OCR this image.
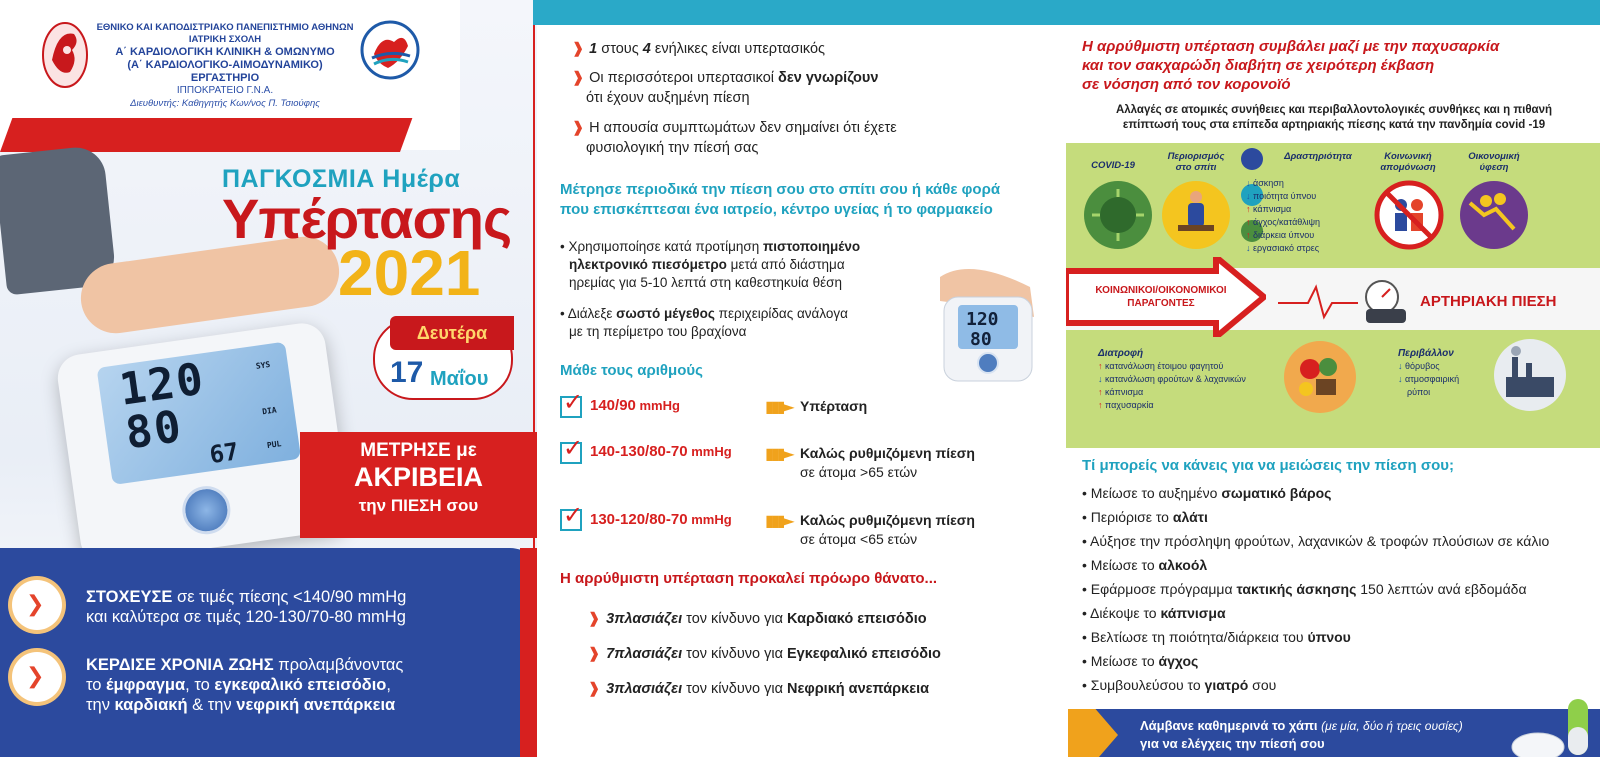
ΕΘΝΙΚΟ ΚΑΙ ΚΑΠΟΔΙΣΤΡΙΑΚΟ ΠΑΝΕΠΙΣΤΗΜΙΟ ΑΘΗΝΩΝ
ΙΑΤΡΙΚΗ ΣΧΟΛΗ
Α΄ ΚΑΡΔΙΟΛΟΓΙΚΗ ΚΛΙΝΙΚΗ & ΟΜΩΝΥΜΟ
(Α΄ ΚΑΡΔΙΟΛΟΓΙΚΟ-ΑΙΜΟΔΥΝΑΜΙΚΟ) ΕΡΓΑΣΤΗΡΙΟ
ΙΠΠΟΚΡΑΤΕΙΟ Γ.Ν.Α.
Διευθυντής: Καθηγητής Κων/νος Π. Τσιούφης
ΠΑΓΚΟΣΜΙΑ Ημέρα
Υπέρτασης
2021
Δευτέρα
17 Μαΐου
120
80 67
SYS
DIA
PUL	ΜΕΤΡΗΣΕ με
ΑΚΡΙΒΕΙΑ
την ΠΙΕΣΗ σου
❯	ΣΤΟΧΕΥΣΕ σε τιμές πίεσης <140/90 mmHg
και καλύτερα σε τιμές 120-130/70-80 mmHg
❯	ΚΕΡΔΙΣΕ ΧΡΟΝΙΑ ΖΩΗΣ προλαμβάνοντας
το έμφραγμα, το εγκεφαλικό επεισόδιο,
την καρδιακή & την νεφρική ανεπάρκεια
❱ 1 στους 4 ενήλικες είναι υπερτασικός
❱ Οι περισσότεροι υπερτασικοί δεν γνωρίζουν
ότι έχουν αυξημένη πίεση
❱ Η απουσία συμπτωμάτων δεν σημαίνει ότι έχετε
φυσιολογική την πίεσή σας
Μέτρησε περιοδικά την πίεση σου στο σπίτι σου ή κάθε φορά
που επισκέπτεσαι ένα ιατρείο, κέντρο υγείας ή το φαρμακείο
• Χρησιμοποίησε κατά προτίμηση πιστοποιημένο
ηλεκτρονικό πιεσόμετρο μετά από διάστημα
ηρεμίας για 5-10 λεπτά στη καθεστηκυία θέση
• Διάλεξε σωστό μέγεθος περιχειρίδας ανάλογα
με τη περίμετρο του βραχίονα
120
80
Μάθε τους αριθμούς
✓ 140/90 mmHg	▮▮▮► Υπέρταση
✓ 140-130/80-70 mmHg ▮▮▮► Καλώς ρυθμιζόμενη πίεση
σε άτομα >65 ετών
✓ 130-120/80-70 mmHg ▮▮▮► Καλώς ρυθμιζόμενη πίεση
σε άτομα <65 ετών
Η αρρύθμιστη υπέρταση προκαλεί πρόωρο θάνατο...
❱ 3πλασιάζει τον κίνδυνο για Καρδιακό επεισόδιο
❱ 7πλασιάζει τον κίνδυνο για Εγκεφαλικό επεισόδιο
❱ 3πλασιάζει τον κίνδυνο για Νεφρική ανεπάρκεια
Η αρρύθμιστη υπέρταση συμβάλει μαζί με την παχυσαρκία
και τον σακχαρώδη διαβήτη σε χειρότερη έκβαση
σε νόσηση από τον κορονοϊό
Αλλαγές σε ατομικές συνήθειες και περιβαλλοντολογικές συνθήκες και η πιθανή
επίπτωσή τους στα επίπεδα αρτηριακής πίεσης κατά την πανδημία covid -19
COVID-19
Περιορισμός
στο σπίτι
Δραστηριότητα
↓ άσκηση
↓ ποιότητα ύπνου
↑ κάπνισμα
↑ άγχος/κατάθλιψη
↑ διάρκεια ύπνου
↓ εργασιακό στρες
Κοινωνική
απομόνωση
Οικονομική
ύφεση
ΚΟΙΝΩΝΙΚΟΙ/ΟΙΚΟΝΟΜΙΚΟΙ
ΠΑΡΑΓΟΝΤΕΣ	ΑΡΤΗΡΙΑΚΗ ΠΙΕΣΗ
Διατροφή
↑ κατανάλωση έτοιμου φαγητού
↓ κατανάλωση φρούτων & λαχανικών
↑ κάπνισμα
↑ παχυσαρκία
Περιβάλλον
↓ θόρυβος
↓ ατμοσφαιρική
ρύποι
Τί μπορείς να κάνεις για να μειώσεις την πίεση σου;
• Μείωσε το αυξημένο σωματικό βάρος
• Περιόρισε το αλάτι
• Αύξησε την πρόσληψη φρούτων, λαχανικών & τροφών πλούσιων σε κάλιο
• Μείωσε το αλκοόλ
• Εφάρμοσε πρόγραμμα τακτικής άσκησης 150 λεπτών ανά εβδομάδα
• Διέκοψε το κάπνισμα
• Βελτίωσε τη ποιότητα/διάρκεια του ύπνου
• Μείωσε το άγχος
• Συμβουλεύσου το γιατρό σου
Λάμβανε καθημερινά το χάπι (με μία, δύο ή τρεις ουσίες)
για να ελέγχεις την πίεσή σου
